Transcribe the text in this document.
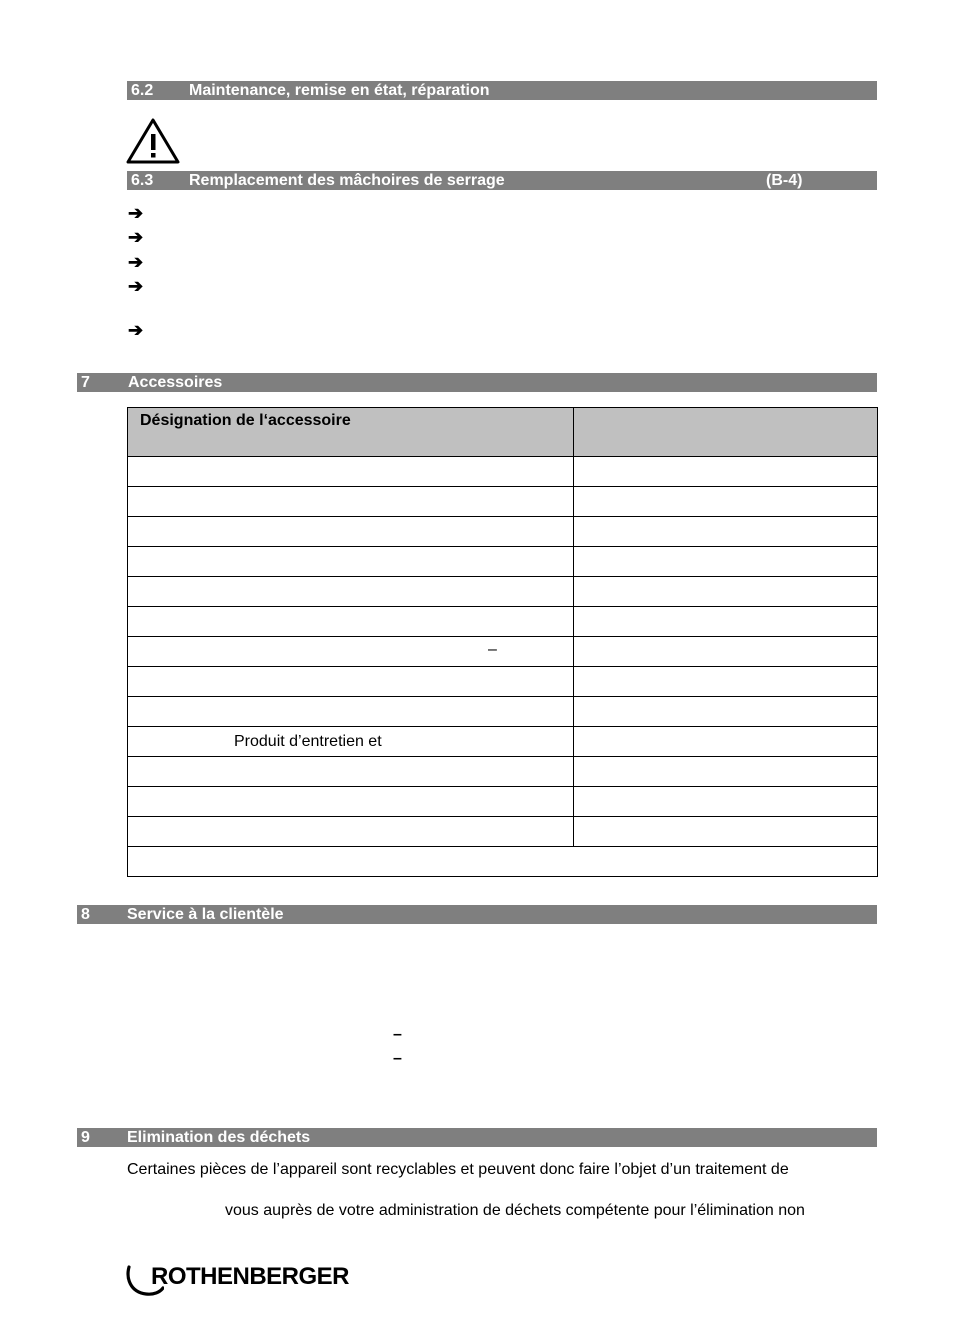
6.2 Maintenance, remise en état, réparation
6.3 Remplacement des mâchoires de serrage	(B-4)
➔
➔
➔
➔
➔
7 Accessoires
Désignation de l‘accessoire	

–	

Produit d’entretien et	

8 Service à la clientèle
–
–
9 Elimination des déchets
Certaines pièces de l’appareil sont recyclables et peuvent donc faire l’objet d’un traitement de
vous auprès de votre administration de déchets compétente pour l’élimination non
ROTHENBERGER
